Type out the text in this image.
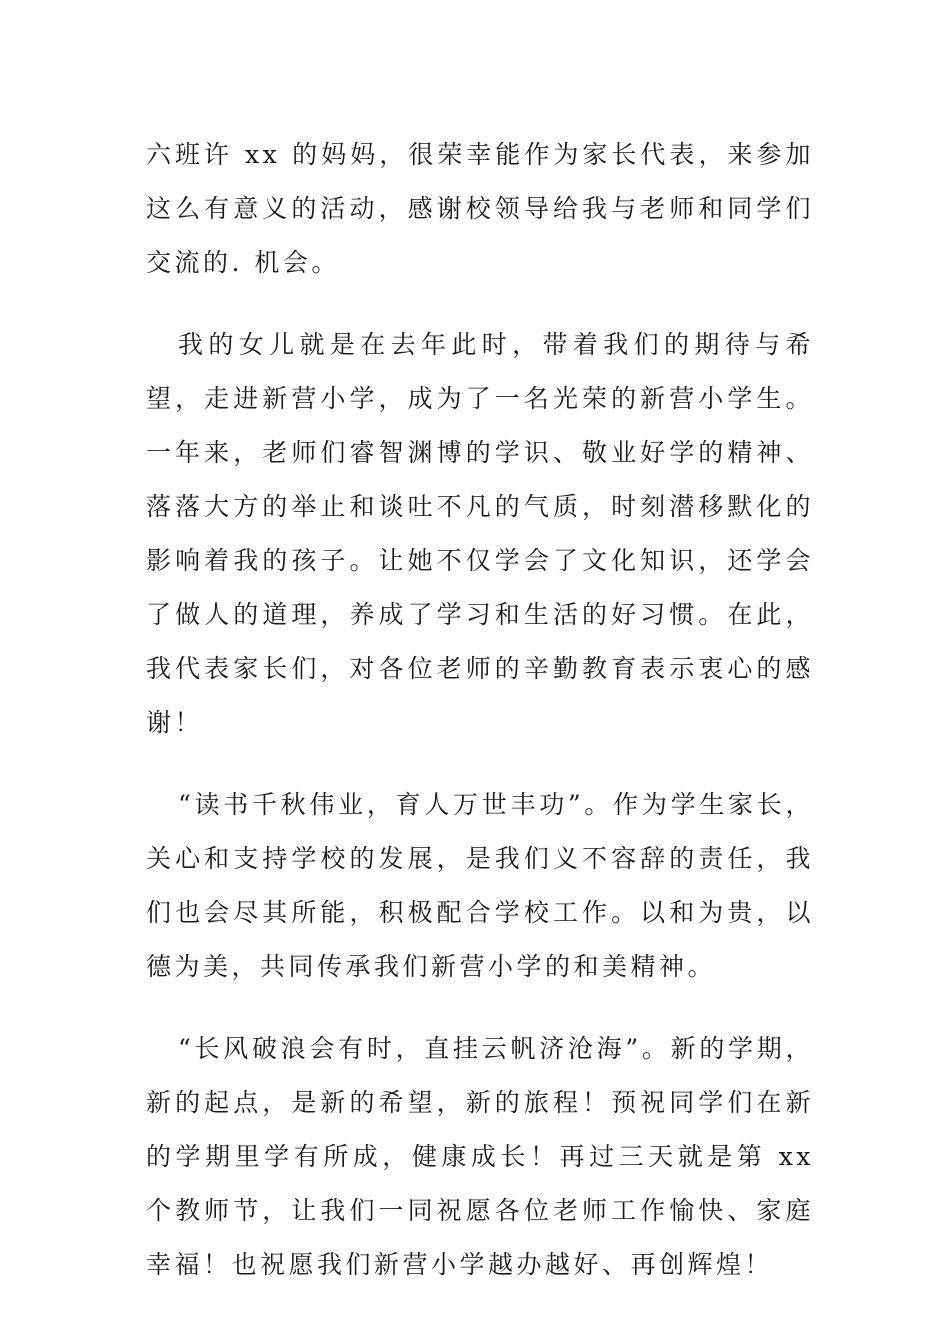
六班许 xx 的妈妈，很荣幸能作为家长代表，来参加这么有意义的活动，感谢校领导给我与老师和同学们交流的. 机会。

我的女儿就是在去年此时，带着我们的期待与希望，走进新营小学，成为了一名光荣的新营小学生。一年来，老师们睿智渊博的学识、敬业好学的精神、落落大方的举止和谈吐不凡的气质，时刻潜移默化的影响着我的孩子。让她不仅学会了文化知识，还学会了做人的道理，养成了学习和生活的好习惯。在此，我代表家长们，对各位老师的辛勤教育表示衷心的感谢！

“读书千秋伟业，育人万世丰功”。作为学生家长，关心和支持学校的发展，是我们义不容辞的责任，我们也会尽其所能，积极配合学校工作。以和为贵，以德为美，共同传承我们新营小学的和美精神。

“长风破浪会有时，直挂云帆济沧海”。新的学期，新的起点，是新的希望，新的旅程！预祝同学们在新的学期里学有所成，健康成长！再过三天就是第 xx 个教师节，让我们一同祝愿各位老师工作愉快、家庭幸福！也祝愿我们新营小学越办越好、再创辉煌！
